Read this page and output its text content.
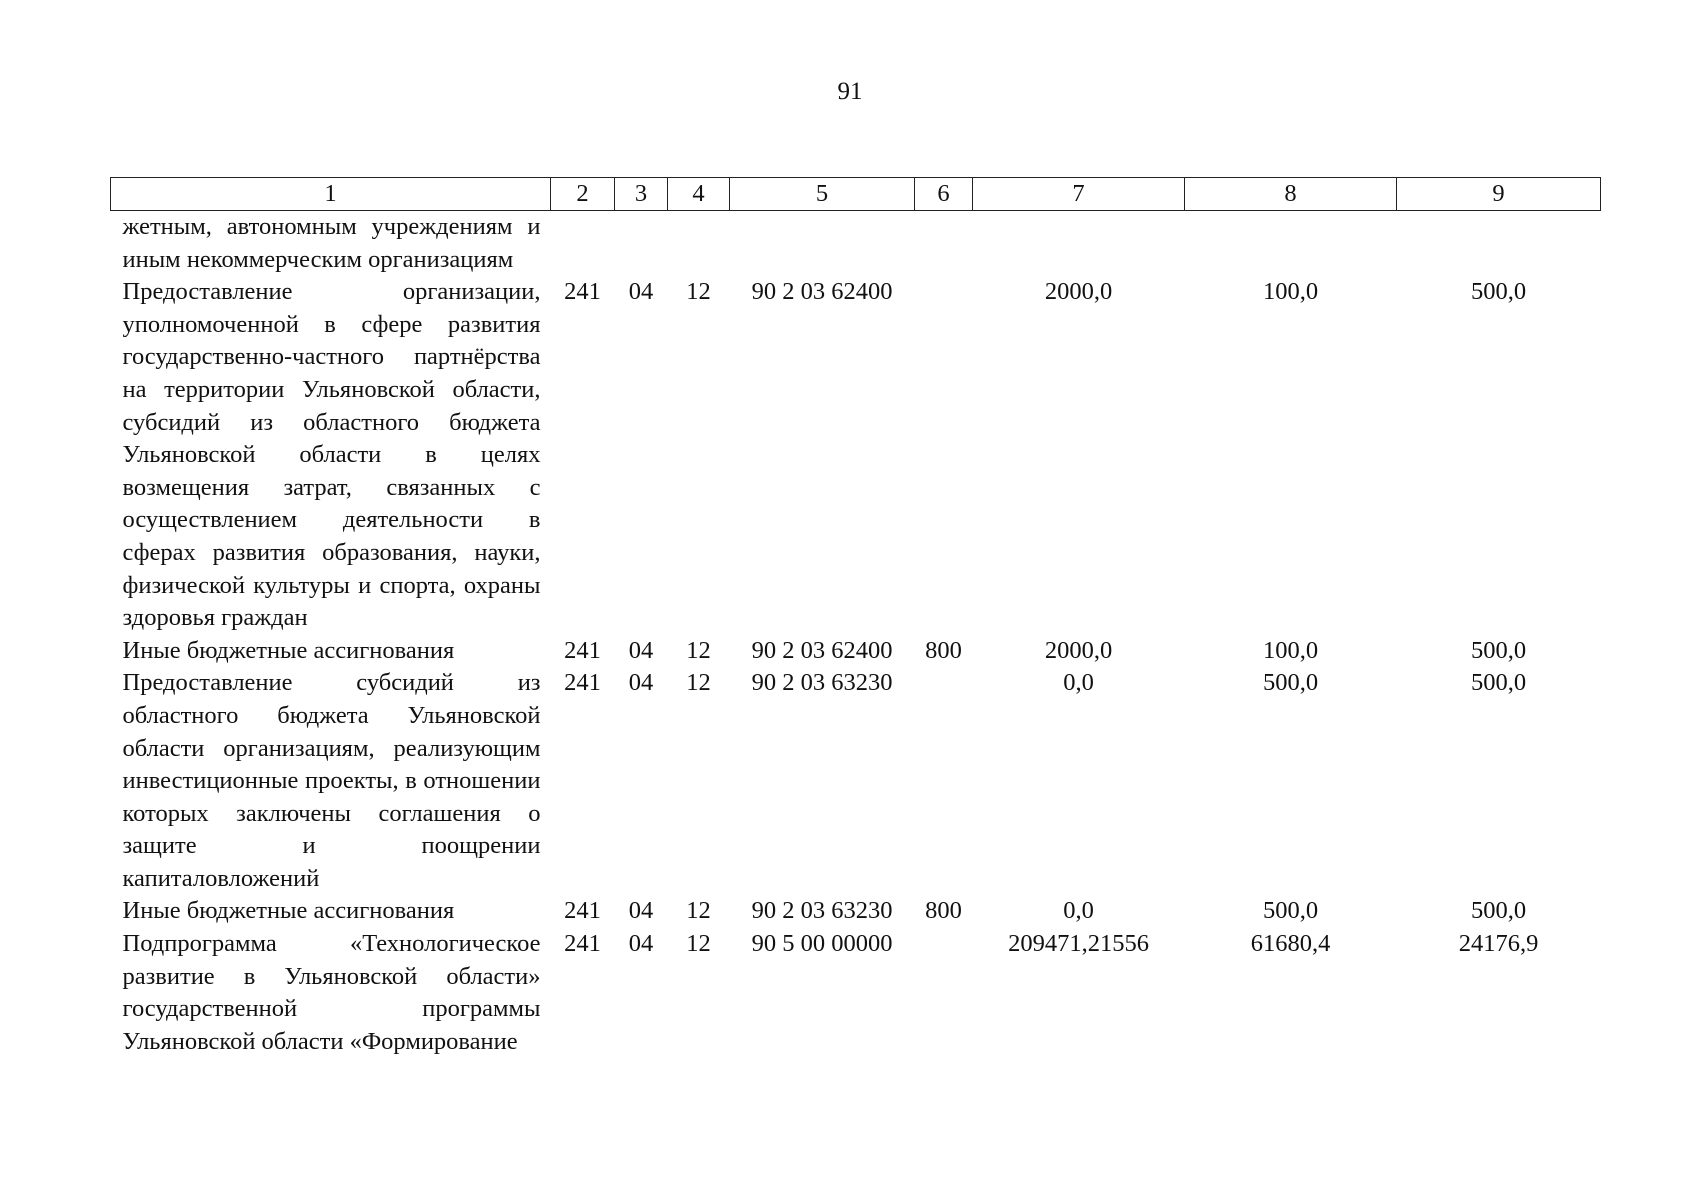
91
1	2	3	4	5	6	7	8	9
жетным, автономным учреждениям и иным некоммерческим организациям								
Предоставление организации, уполномоченной в сфере развития государственно-частного партнёрства на территории Ульяновской области, субсидий из областного бюджета Ульяновской области в целях возмещения затрат, связанных с осуществлением деятельности в сферах развития образования, науки, физической культуры и спорта, охраны здоровья граждан	241	04	12	90 2 03 62400		2000,0	100,0	500,0
Иные бюджетные ассигнования	241	04	12	90 2 03 62400	800	2000,0	100,0	500,0
Предоставление субсидий из областного бюджета Ульяновской области организациям, реализующим инвестиционные проекты, в отношении которых заключены соглашения о защите и поощрении капиталовложений	241	04	12	90 2 03 63230		0,0	500,0	500,0
Иные бюджетные ассигнования	241	04	12	90 2 03 63230	800	0,0	500,0	500,0
Подпрограмма «Технологическое развитие в Ульяновской области» государственной программы Ульяновской области «Формирование	241	04	12	90 5 00 00000		209471,21556	61680,4	24176,9
